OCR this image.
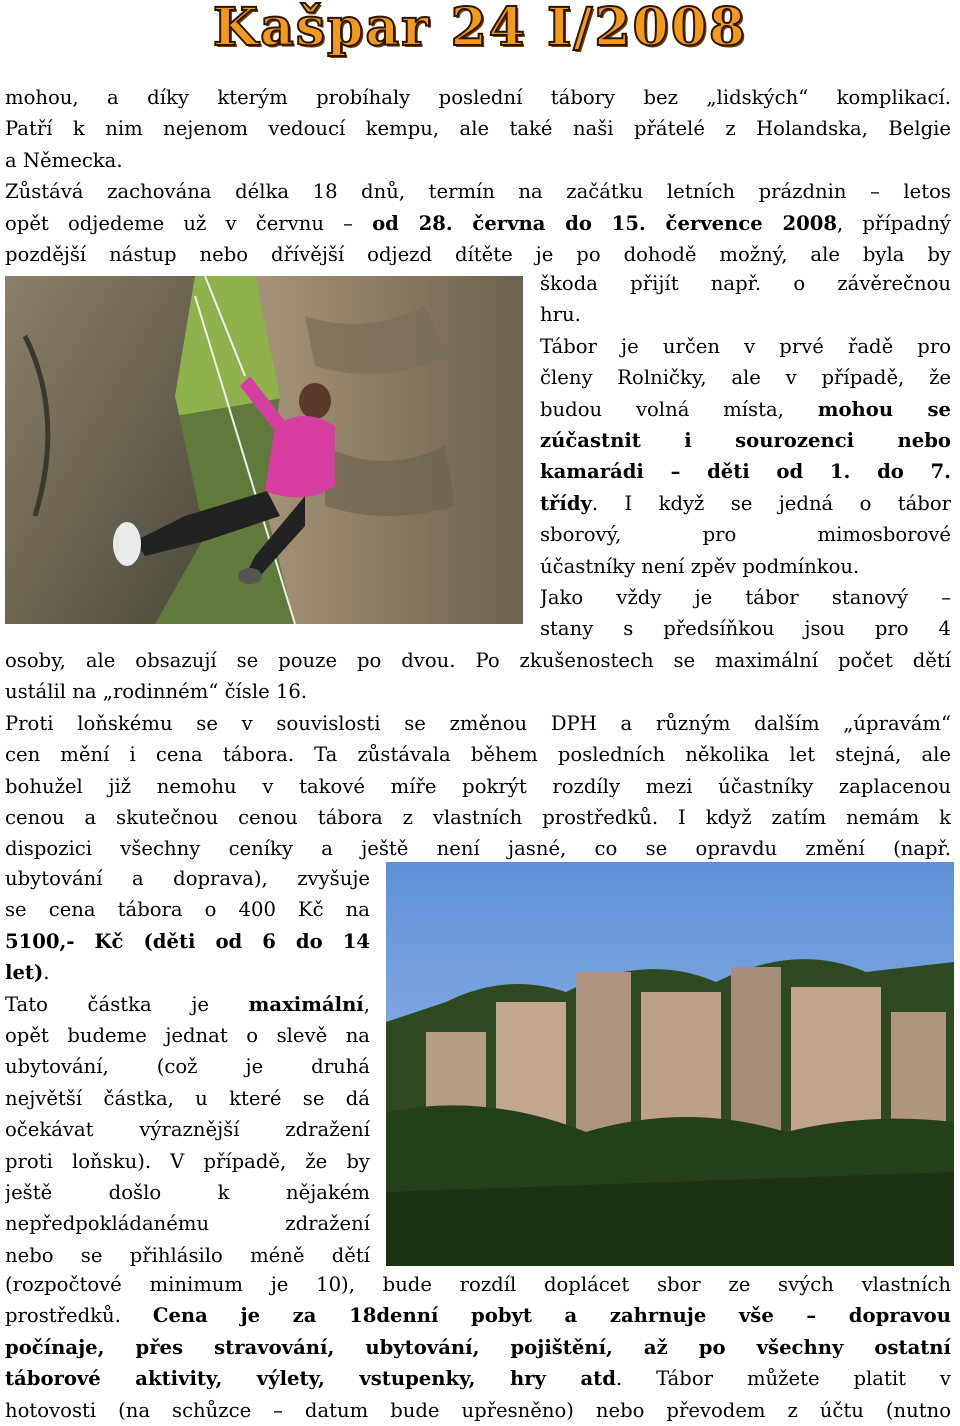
Kašpar 24 I/2008
mohou, a díky kterým probíhaly poslední tábory bez „lidských“ komplikací.
Patří k nim nejenom vedoucí kempu, ale také naši přátelé z Holandska, Belgie
a Německa.
Zůstává zachována délka 18 dnů, termín na začátku letních prázdnin – letos
opět odjedeme už v červnu – od 28. června do 15. července 2008, případný
pozdější nástup nebo dřívější odjezd dítěte je po dohodě možný, ale byla by
škoda přijít např. o závěrečnou
hru.
Tábor je určen v prvé řadě pro
členy Rolničky, ale v případě, že
budou volná místa, mohou se
zúčastnit i sourozenci nebo
kamarádi – děti od 1. do 7.
třídy. I když se jedná o tábor
sborový, pro mimosborové
účastníky není zpěv podmínkou.
Jako vždy je tábor stanový –
stany s předsíňkou jsou pro 4
osoby, ale obsazují se pouze po dvou. Po zkušenostech se maximální počet dětí
ustálil na „rodinném“ čísle 16.
Proti loňskému se v souvislosti se změnou DPH a různým dalším „úpravám“
cen mění i cena tábora. Ta zůstávala během posledních několika let stejná, ale
bohužel již nemohu v takové míře pokrýt rozdíly mezi účastníky zaplacenou
cenou a skutečnou cenou tábora z vlastních prostředků. I když zatím nemám k
dispozici všechny ceníky a ještě není jasné, co se opravdu změní (např.
ubytování a doprava), zvyšuje
se cena tábora o 400 Kč na
5100,- Kč (děti od 6 do 14
let).
Tato částka je maximální,
opět budeme jednat o slevě na
ubytování, (což je druhá
největší částka, u které se dá
očekávat výraznější zdražení
proti loňsku). V případě, že by
ještě došlo k nějakém
nepředpokládanému zdražení
nebo se přihlásilo méně dětí
(rozpočtové minimum je 10), bude rozdíl doplácet sbor ze svých vlastních
prostředků. Cena je za 18denní pobyt a zahrnuje vše – dopravou
počínaje, přes stravování, ubytování, pojištění, až po všechny ostatní
táborové aktivity, výlety, vstupenky, hry atd. Tábor můžete platit v
hotovosti (na schůzce – datum bude upřesněno) nebo převodem z účtu (nutno
